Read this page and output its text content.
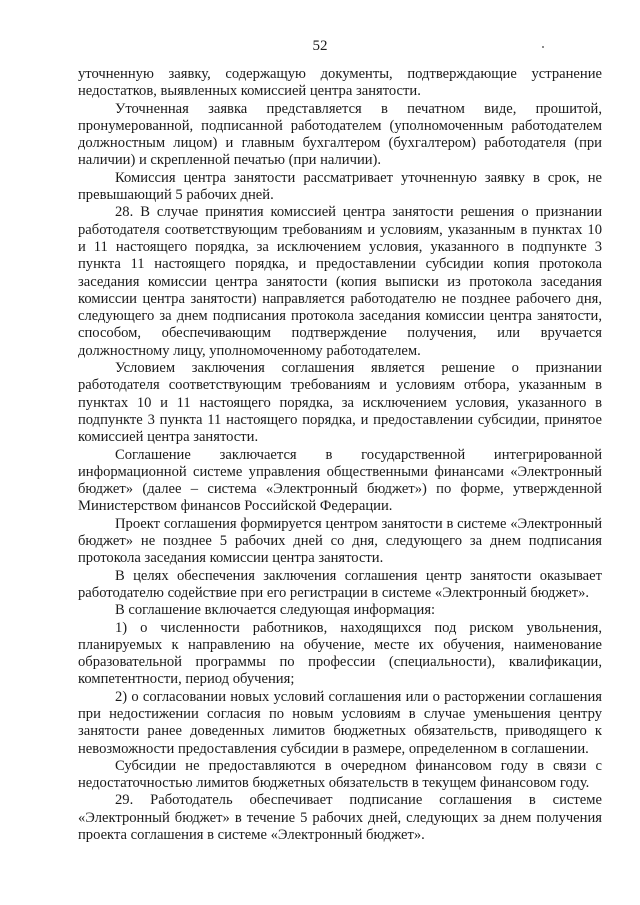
52

уточненную заявку, содержащую документы, подтверждающие устранение недостатков, выявленных комиссией центра занятости.

Уточненная заявка представляется в печатном виде, прошитой, пронумерованной, подписанной работодателем (уполномоченным работодателем должностным лицом) и главным бухгалтером (бухгалтером) работодателя (при наличии) и скрепленной печатью (при наличии).

Комиссия центра занятости рассматривает уточненную заявку в срок, не превышающий 5 рабочих дней.

28. В случае принятия комиссией центра занятости решения о признании работодателя соответствующим требованиям и условиям, указанным в пунктах 10 и 11 настоящего порядка, за исключением условия, указанного в подпункте 3 пункта 11 настоящего порядка, и предоставлении субсидии копия протокола заседания комиссии центра занятости (копия выписки из протокола заседания комиссии центра занятости) направляется работодателю не позднее рабочего дня, следующего за днем подписания протокола заседания комиссии центра занятости, способом, обеспечивающим подтверждение получения, или вручается должностному лицу, уполномоченному работодателем.

Условием заключения соглашения является решение о признании работодателя соответствующим требованиям и условиям отбора, указанным в пунктах 10 и 11 настоящего порядка, за исключением условия, указанного в подпункте 3 пункта 11 настоящего порядка, и предоставлении субсидии, принятое комиссией центра занятости.

Соглашение заключается в государственной интегрированной информационной системе управления общественными финансами «Электронный бюджет» (далее – система «Электронный бюджет») по форме, утвержденной Министерством финансов Российской Федерации.

Проект соглашения формируется центром занятости в системе «Электронный бюджет» не позднее 5 рабочих дней со дня, следующего за днем подписания протокола заседания комиссии центра занятости.

В целях обеспечения заключения соглашения центр занятости оказывает работодателю содействие при его регистрации в системе «Электронный бюджет».

В соглашение включается следующая информация:

1) о численности работников, находящихся под риском увольнения, планируемых к направлению на обучение, месте их обучения, наименование образовательной программы по профессии (специальности), квалификации, компетентности, период обучения;

2) о согласовании новых условий соглашения или о расторжении соглашения при недостижении согласия по новым условиям в случае уменьшения центру занятости ранее доведенных лимитов бюджетных обязательств, приводящего к невозможности предоставления субсидии в размере, определенном в соглашении.

Субсидии не предоставляются в очередном финансовом году в связи с недостаточностью лимитов бюджетных обязательств в текущем финансовом году.

29. Работодатель обеспечивает подписание соглашения в системе «Электронный бюджет» в течение 5 рабочих дней, следующих за днем получения проекта соглашения в системе «Электронный бюджет».
